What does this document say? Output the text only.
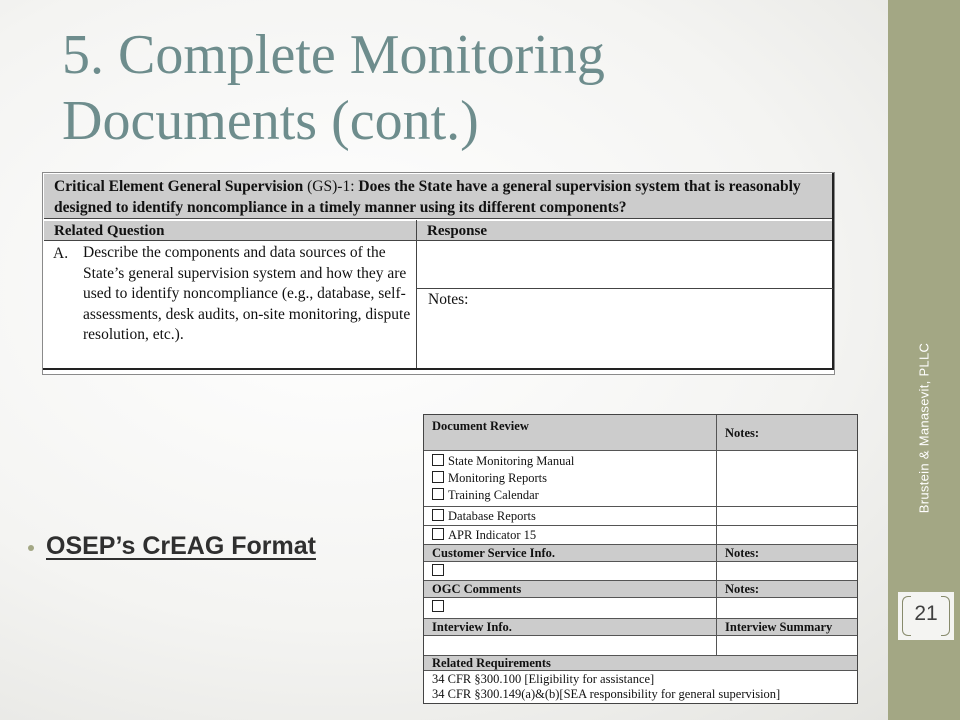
Brustein & Manasevit, PLLC
21
5. Complete Monitoring Documents (cont.)
Critical Element General Supervision (GS)-1: Does the State have a general supervision system that is reasonably designed to identify noncompliance in a timely manner using its different components?
Related Question	Response
A. Describe the components and data sources of the State’s general supervision system and how they are used to identify noncompliance (e.g., database, self-assessments, desk audits, on-site monitoring, dispute resolution, etc.).
Notes:
OSEP’s CrEAG Format
Document Review	Notes:
State Monitoring Manual
Monitoring Reports
Training Calendar
Database Reports
APR Indicator 15
Customer Service Info.	Notes:
OGC Comments	Notes:
Interview Info.	Interview Summary
Related Requirements
34 CFR §300.100 [Eligibility for assistance]
34 CFR §300.149(a)&(b)[SEA responsibility for general supervision]
